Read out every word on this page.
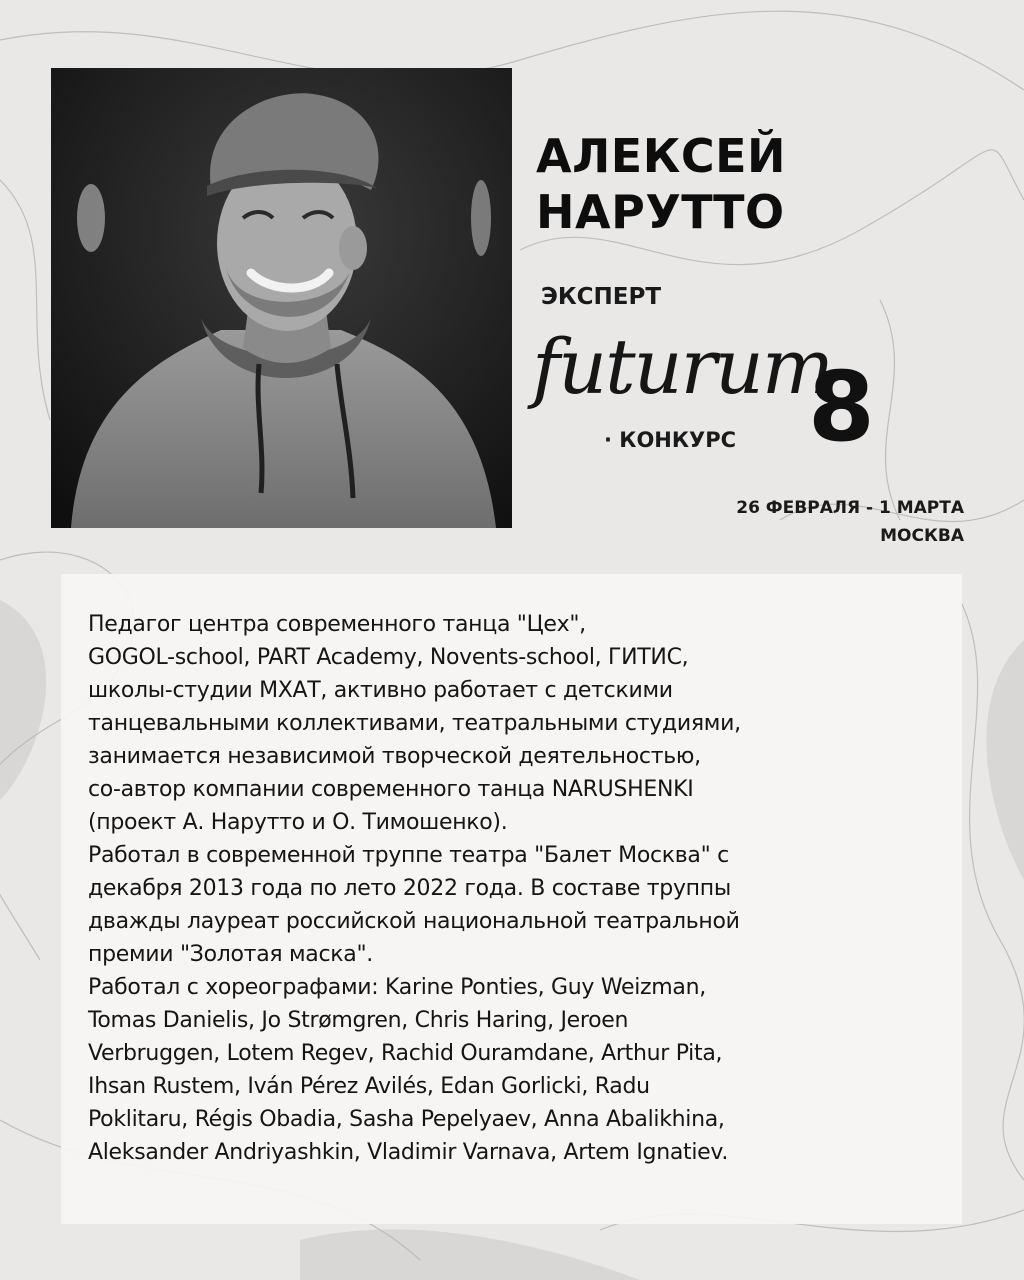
АЛЕКСЕЙ
НАРУТТО
ЭКСПЕРТ
futurum
8
· КОНКУРС
26 ФЕВРАЛЯ - 1 МАРТА
МОСКВА
Педагог центра современного танца "Цех",
GOGOL-school, PART Academy, Novents-school, ГИТИС,
школы-студии МХАТ, активно работает с детскими
танцевальными коллективами, театральными студиями,
занимается независимой творческой деятельностью,
со-автор компании современного танца NARUSHENKI
(проект А. Нарутто и О. Тимошенко).
Работал в современной труппе театра "Балет Москва" с
декабря 2013 года по лето 2022 года. В составе труппы
дважды лауреат российской национальной театральной
премии "Золотая маска".
Работал с хореографами: Karine Ponties, Guy Weizman,
Tomas Danielis, Jo Strømgren, Chris Haring, Jeroen
Verbruggen, Lotem Regev, Rachid Ouramdane, Arthur Pita,
Ihsan Rustem, Iván Pérez Avilés, Edan Gorlicki, Radu
Poklitaru, Régis Obadia, Sasha Pepelyaev, Anna Abalikhina,
Aleksander Andriyashkin, Vladimir Varnava, Artem Ignatiev.
